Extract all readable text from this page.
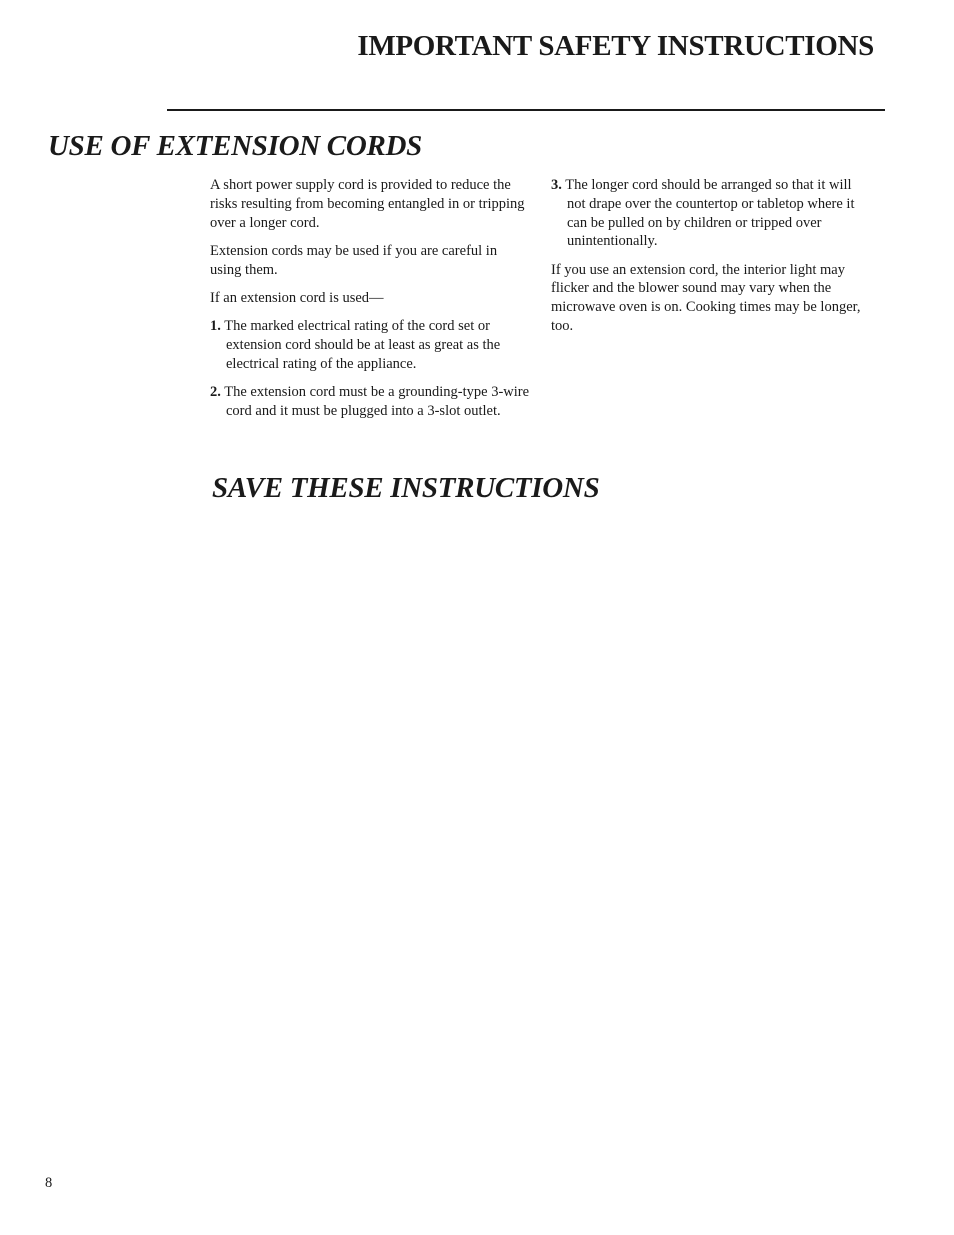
IMPORTANT SAFETY INSTRUCTIONS
USE OF EXTENSION CORDS

A short power supply cord is provided to reduce the risks resulting from becoming entangled in or tripping over a longer cord.

Extension cords may be used if you are careful in using them.

If an extension cord is used—

1. The marked electrical rating of the cord set or extension cord should be at least as great as the electrical rating of the appliance.
2. The extension cord must be a grounding-type 3-wire cord and it must be plugged into a 3-slot outlet.
3. The longer cord should be arranged so that it will not drape over the countertop or tabletop where it can be pulled on by children or tripped over unintentionally.

If you use an extension cord, the interior light may flicker and the blower sound may vary when the microwave oven is on. Cooking times may be longer, too.

SAVE THESE INSTRUCTIONS
8
